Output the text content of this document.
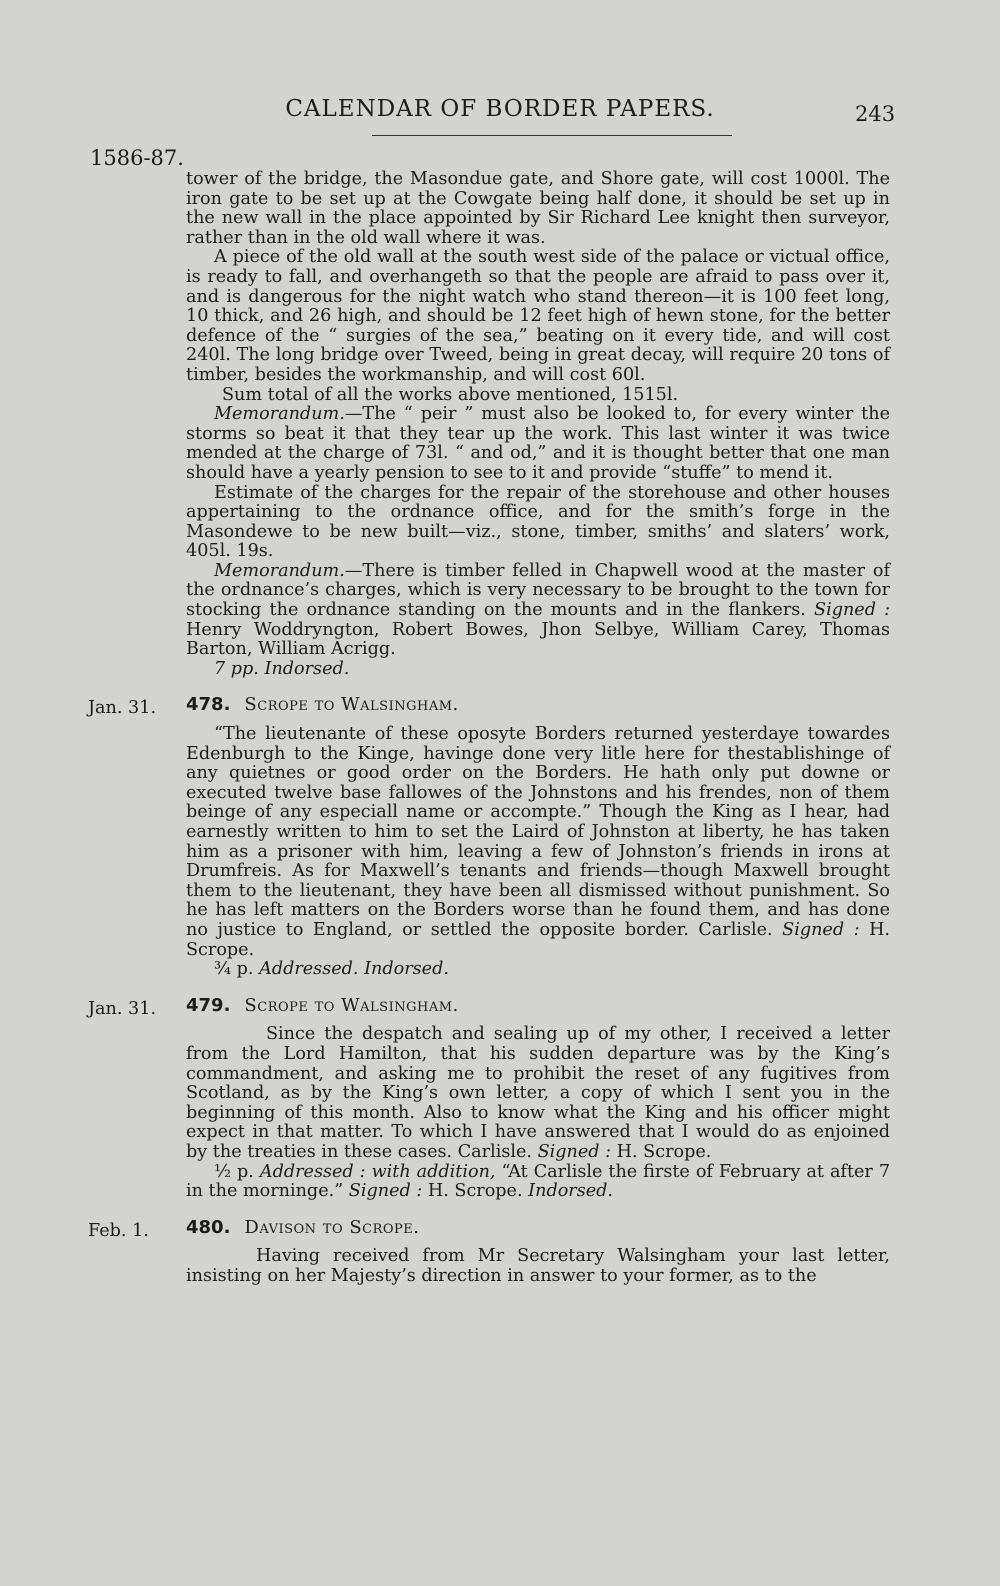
CALENDAR OF BORDER PAPERS.	243
1586-87.

tower of the bridge, the Masondue gate, and Shore gate, will cost 1000l. The iron gate to be set up at the Cowgate being half done, it should be set up in the new wall in the place appointed by Sir Richard Lee knight then surveyor, rather than in the old wall where it was.

A piece of the old wall at the south west side of the palace or victual office, is ready to fall, and overhangeth so that the people are afraid to pass over it, and is dangerous for the night watch who stand thereon—it is 100 feet long, 10 thick, and 26 high, and should be 12 feet high of hewn stone, for the better defence of the “ surgies of the sea,” beating on it every tide, and will cost 240l. The long bridge over Tweed, being in great decay, will require 20 tons of timber, besides the workmanship, and will cost 60l.

Sum total of all the works above mentioned, 1515l.

Memorandum.—The “ peir ” must also be looked to, for every winter the storms so beat it that they tear up the work. This last winter it was twice mended at the charge of 73l. “ and od,” and it is thought better that one man should have a yearly pension to see to it and provide “stuffe” to mend it.

Estimate of the charges for the repair of the storehouse and other houses appertaining to the ordnance office, and for the smith’s forge in the Masondewe to be new built—viz., stone, timber, smiths’ and slaters’ work, 405l. 19s.

Memorandum.—There is timber felled in Chapwell wood at the master of the ordnance’s charges, which is very necessary to be brought to the town for stocking the ordnance standing on the mounts and in the flankers. Signed : Henry Woddryngton, Robert Bowes, Jhon Selbye, William Carey, Thomas Barton, William Acrigg.

7 pp. Indorsed.

Jan. 31. 478. Scrope to Walsingham.

“The lieutenante of these oposyte Borders returned yesterdaye towardes Edenburgh to the Kinge, havinge done very litle here for thestablishinge of any quietnes or good order on the Borders. He hath only put downe or executed twelve base fallowes of the Johnstons and his frendes, non of them beinge of any especiall name or accompte.” Though the King as I hear, had earnestly written to him to set the Laird of Johnston at liberty, he has taken him as a prisoner with him, leaving a few of Johnston’s friends in irons at Drumfreis. As for Maxwell’s tenants and friends—though Maxwell brought them to the lieutenant, they have been all dismissed without punishment. So he has left matters on the Borders worse than he found them, and has done no justice to England, or settled the opposite border. Carlisle. Signed : H. Scrope.

¾ p. Addressed. Indorsed.

Jan. 31. 479. Scrope to Walsingham.

Since the despatch and sealing up of my other, I received a letter from the Lord Hamilton, that his sudden departure was by the King’s commandment, and asking me to prohibit the reset of any fugitives from Scotland, as by the King’s own letter, a copy of which I sent you in the beginning of this month. Also to know what the King and his officer might expect in that matter. To which I have answered that I would do as enjoined by the treaties in these cases. Carlisle. Signed : H. Scrope.

½ p. Addressed : with addition, “At Carlisle the firste of February at after 7 in the morninge.” Signed : H. Scrope. Indorsed.

Feb. 1. 480. Davison to Scrope.

Having received from Mr Secretary Walsingham your last letter, insisting on her Majesty’s direction in answer to your former, as to the
